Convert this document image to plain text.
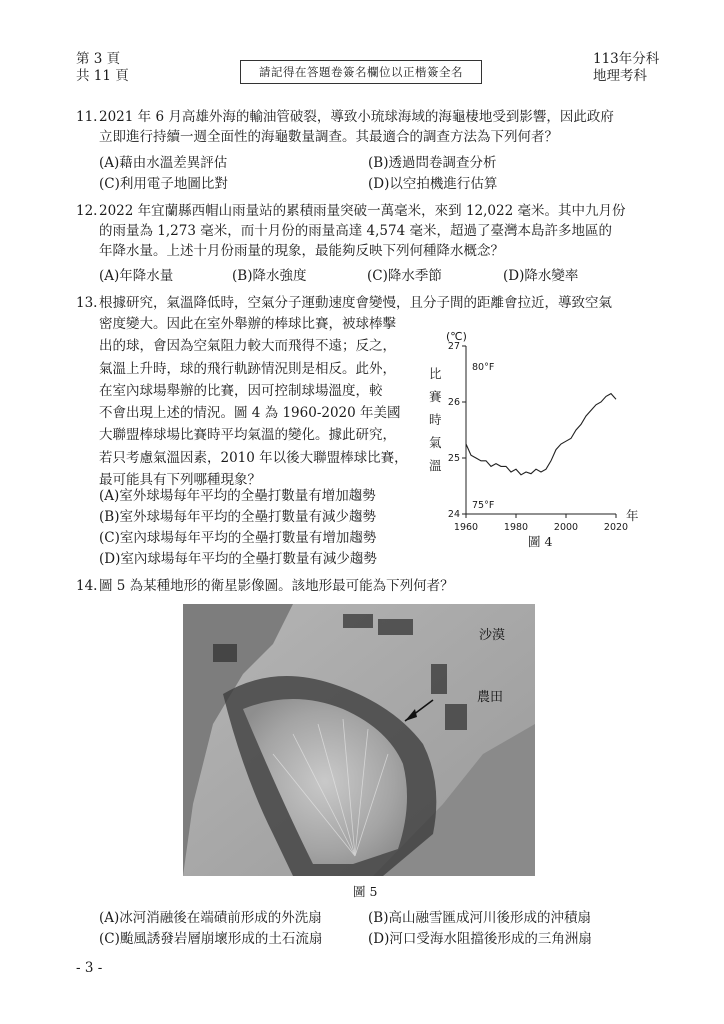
第 3 頁
共 11 頁	請記得在答題卷簽名欄位以正楷簽全名
113年分科
地理考科
11. 2021 年 6 月高雄外海的輸油管破裂，導致小琉球海域的海龜棲地受到影響，因此政府
立即進行持續一週全面性的海龜數量調查。其最適合的調查方法為下列何者？
(A)藉由水溫差異評估	(B)透過問卷調查分析
(C)利用電子地圖比對	(D)以空拍機進行估算
12. 2022 年宜蘭縣西帽山雨量站的累積雨量突破一萬毫米，來到 12,022 毫米。其中九月份
的雨量為 1,273 毫米，而十月份的雨量高達 4,574 毫米，超過了臺灣本島許多地區的
年降水量。上述十月份雨量的現象，最能夠反映下列何種降水概念？
(A)年降水量	(B)降水強度	(C)降水季節	(D)降水變率
13. 根據研究，氣溫降低時，空氣分子運動速度會變慢，且分子間的距離會拉近，導致空氣
密度變大。因此在室外舉辦的棒球比賽，被球棒擊
出的球，會因為空氣阻力較大而飛得不遠；反之，
氣溫上升時，球的飛行軌跡情況則是相反。此外，
在室內球場舉辦的比賽，因可控制球場溫度，較
不會出現上述的情況。圖 4 為 1960-2020 年美國
大聯盟棒球場比賽時平均氣溫的變化。據此研究，
若只考慮氣溫因素，2010 年以後大聯盟棒球比賽，
最可能具有下列哪種現象？
(A)室外球場每年平均的全壘打數量有增加趨勢
(B)室外球場每年平均的全壘打數量有減少趨勢
(C)室內球場每年平均的全壘打數量有增加趨勢
(D)室內球場每年平均的全壘打數量有減少趨勢
(℃)
比賽時氣溫
24
25
26
27
1960	1980	2000	2020
80°F
75°F
年
圖 4
14. 圖 5 為某種地形的衛星影像圖。該地形最可能為下列何者？
沙漠
農田
圖 5
(A)冰河消融後在端磧前形成的外洗扇	(B)高山融雪匯成河川後形成的沖積扇
(C)颱風誘發岩層崩壞形成的土石流扇	(D)河口受海水阻擋後形成的三角洲扇
- 3 -
